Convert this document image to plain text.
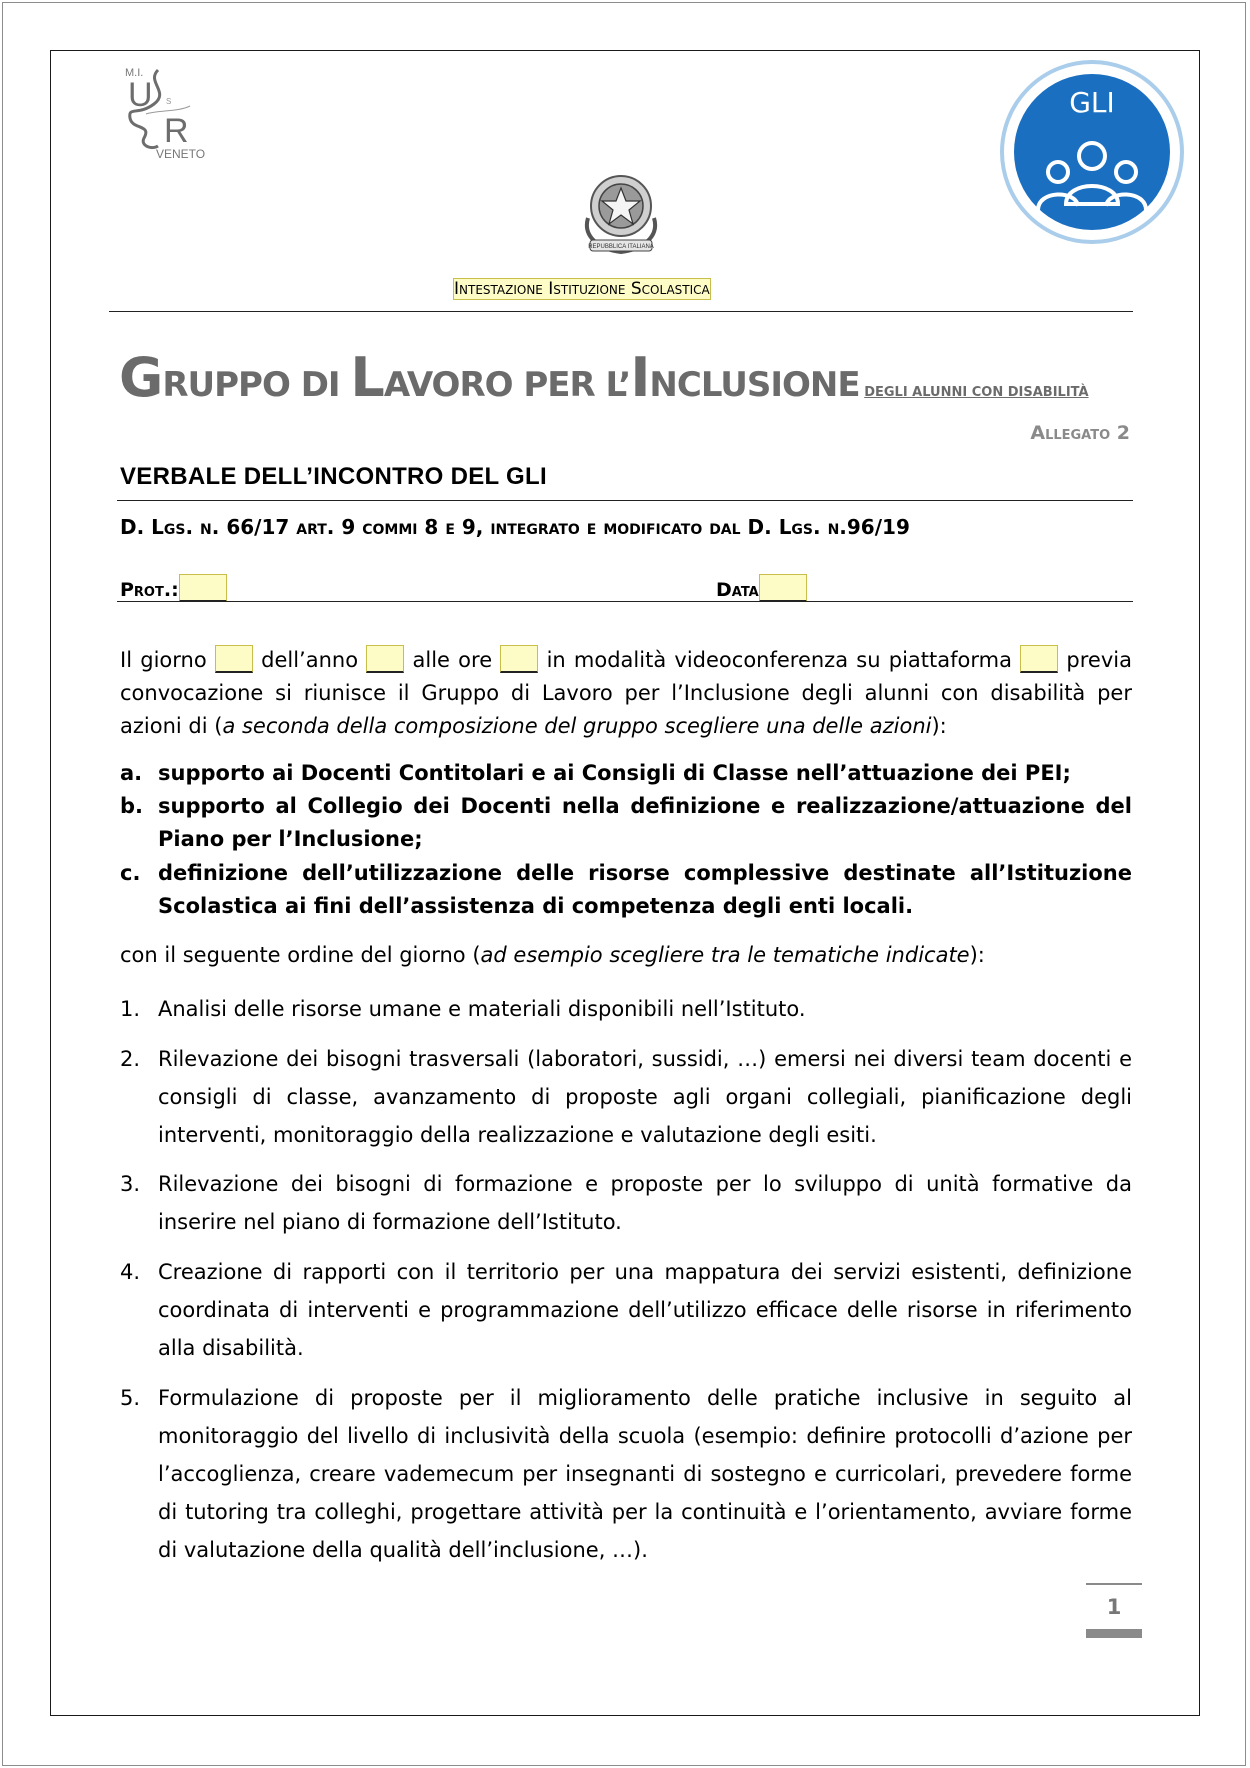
M.I.
U S
R
VENETO
REPUBBLICA ITALIANA
GLI
Intestazione Istituzione Scolastica
GRUPPO DI LAVORO PER L’INCLUSIONE DEGLI ALUNNI CON DISABILITÀ
Allegato 2
VERBALE DELL’INCONTRO DEL GLI
D. Lgs. n. 66/17 art. 9 commi 8 e 9, integrato e modificato dal D. Lgs. n.96/19
Prot.:	Data
Il giorno	dell’anno	alle ore	in modalità videoconferenza su piattaforma	previa convocazione si riunisce il Gruppo di Lavoro per l’Inclusione degli alunni con disabilità per azioni di (a seconda della composizione del gruppo scegliere una delle azioni):
a. supporto ai Docenti Contitolari e ai Consigli di Classe nell’attuazione dei PEI;
b. supporto al Collegio dei Docenti nella definizione e realizzazione/attuazione del Piano per l’Inclusione;
c. definizione dell’utilizzazione delle risorse complessive destinate all’Istituzione Scolastica ai fini dell’assistenza di competenza degli enti locali.
con il seguente ordine del giorno (ad esempio scegliere tra le tematiche indicate):
1. Analisi delle risorse umane e materiali disponibili nell’Istituto.
2. Rilevazione dei bisogni trasversali (laboratori, sussidi, …) emersi nei diversi team docenti e consigli di classe, avanzamento di proposte agli organi collegiali, pianificazione degli interventi, monitoraggio della realizzazione e valutazione degli esiti.
3. Rilevazione dei bisogni di formazione e proposte per lo sviluppo di unità formative da inserire nel piano di formazione dell’Istituto.
4. Creazione di rapporti con il territorio per una mappatura dei servizi esistenti, definizione coordinata di interventi e programmazione dell’utilizzo efficace delle risorse in riferimento alla disabilità.
5. Formulazione di proposte per il miglioramento delle pratiche inclusive in seguito al monitoraggio del livello di inclusività della scuola (esempio: definire protocolli d’azione per l’accoglienza, creare vademecum per insegnanti di sostegno e curricolari, prevedere forme di tutoring tra colleghi, progettare attività per la continuità e l’orientamento, avviare forme di valutazione della qualità dell’inclusione, …).
1
